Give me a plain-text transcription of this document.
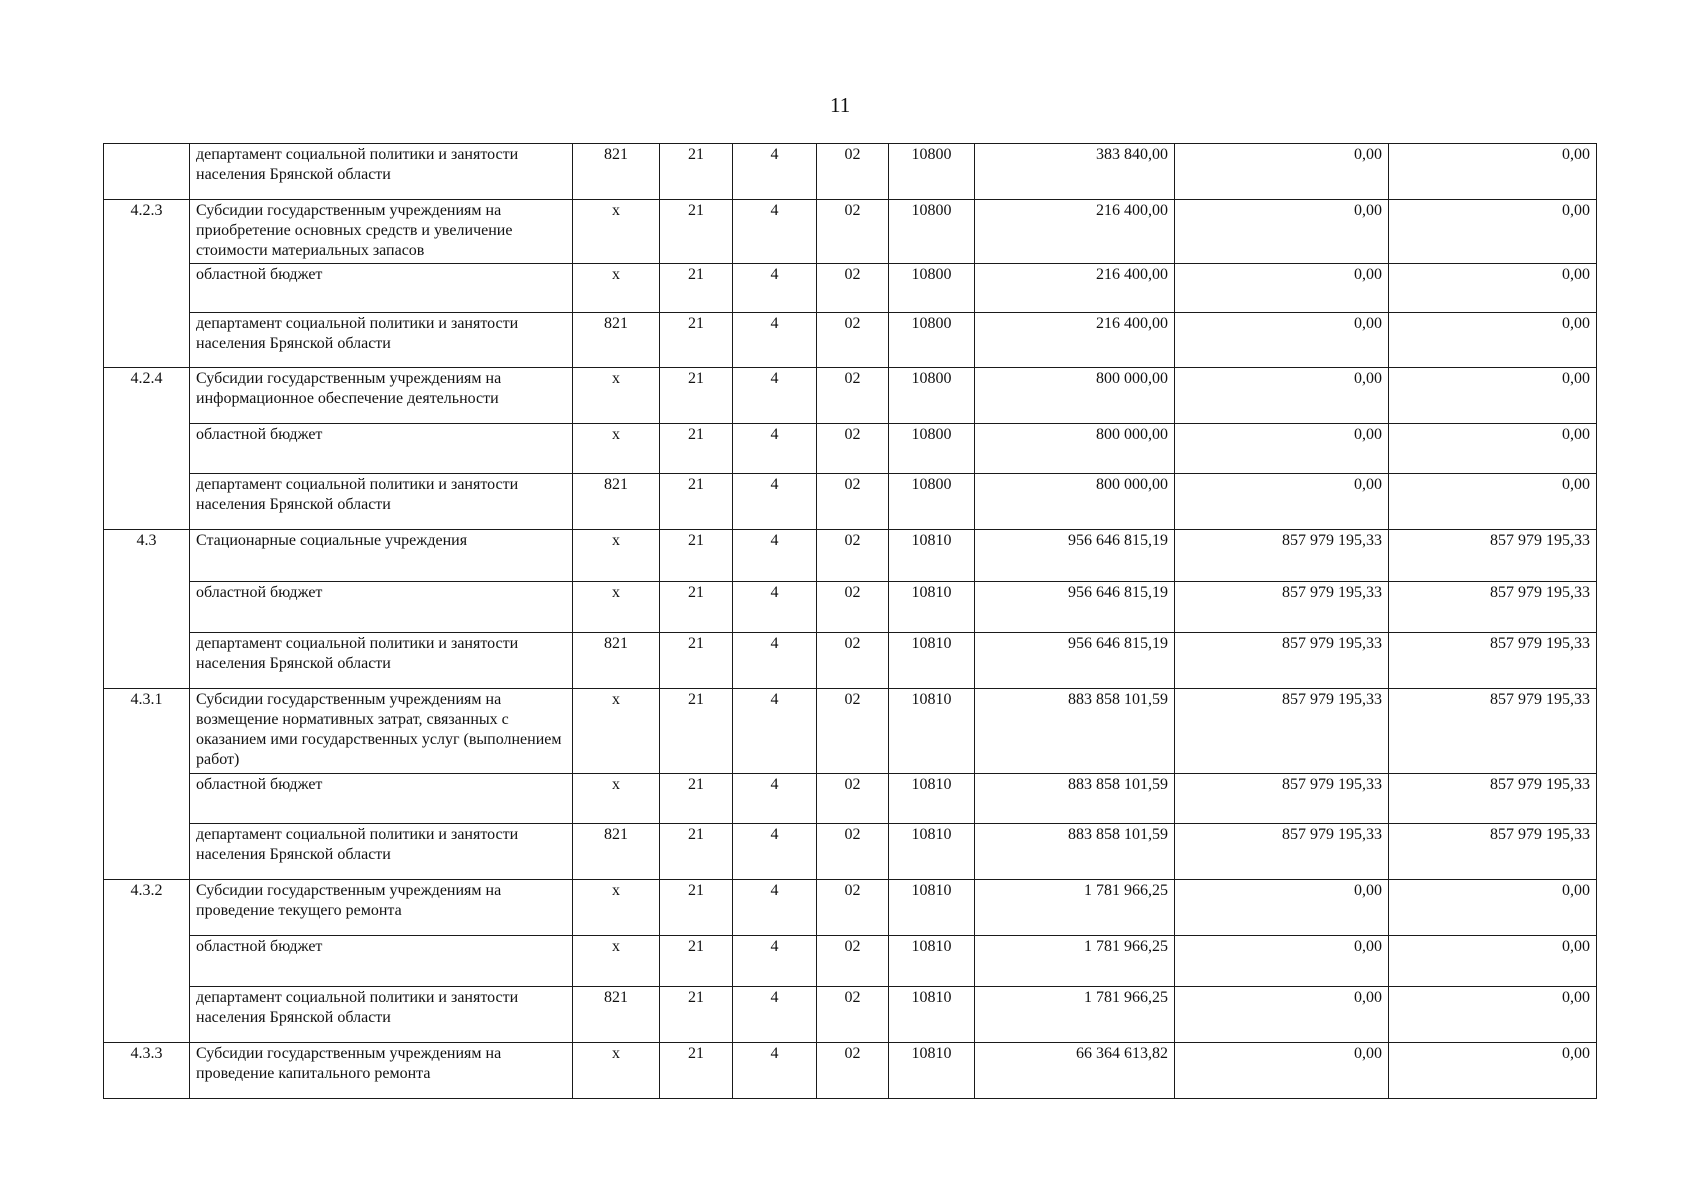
11
	департамент социальной политики и занятости населения Брянской области	821	21	4	02	10800	383 840,00	0,00	0,00
4.2.3	Субсидии государственным учреждениям на приобретение основных средств и увеличение стоимости материальных запасов	х	21	4	02	10800	216 400,00	0,00	0,00
	областной бюджет	х	21	4	02	10800	216 400,00	0,00	0,00
	департамент социальной политики и занятости населения Брянской области	821	21	4	02	10800	216 400,00	0,00	0,00
4.2.4	Субсидии государственным учреждениям на информационное обеспечение деятельности	х	21	4	02	10800	800 000,00	0,00	0,00
	областной бюджет	х	21	4	02	10800	800 000,00	0,00	0,00
	департамент социальной политики и занятости населения Брянской области	821	21	4	02	10800	800 000,00	0,00	0,00
4.3	Стационарные социальные учреждения	х	21	4	02	10810	956 646 815,19	857 979 195,33	857 979 195,33
	областной бюджет	х	21	4	02	10810	956 646 815,19	857 979 195,33	857 979 195,33
	департамент социальной политики и занятости населения Брянской области	821	21	4	02	10810	956 646 815,19	857 979 195,33	857 979 195,33
4.3.1	Субсидии государственным учреждениям на возмещение нормативных затрат, связанных с оказанием ими государственных услуг (выполнением работ)	х	21	4	02	10810	883 858 101,59	857 979 195,33	857 979 195,33
	областной бюджет	х	21	4	02	10810	883 858 101,59	857 979 195,33	857 979 195,33
	департамент социальной политики и занятости населения Брянской области	821	21	4	02	10810	883 858 101,59	857 979 195,33	857 979 195,33
4.3.2	Субсидии государственным учреждениям на проведение текущего ремонта	х	21	4	02	10810	1 781 966,25	0,00	0,00
	областной бюджет	х	21	4	02	10810	1 781 966,25	0,00	0,00
	департамент социальной политики и занятости населения Брянской области	821	21	4	02	10810	1 781 966,25	0,00	0,00
4.3.3	Субсидии государственным учреждениям на проведение капитального ремонта	х	21	4	02	10810	66 364 613,82	0,00	0,00
